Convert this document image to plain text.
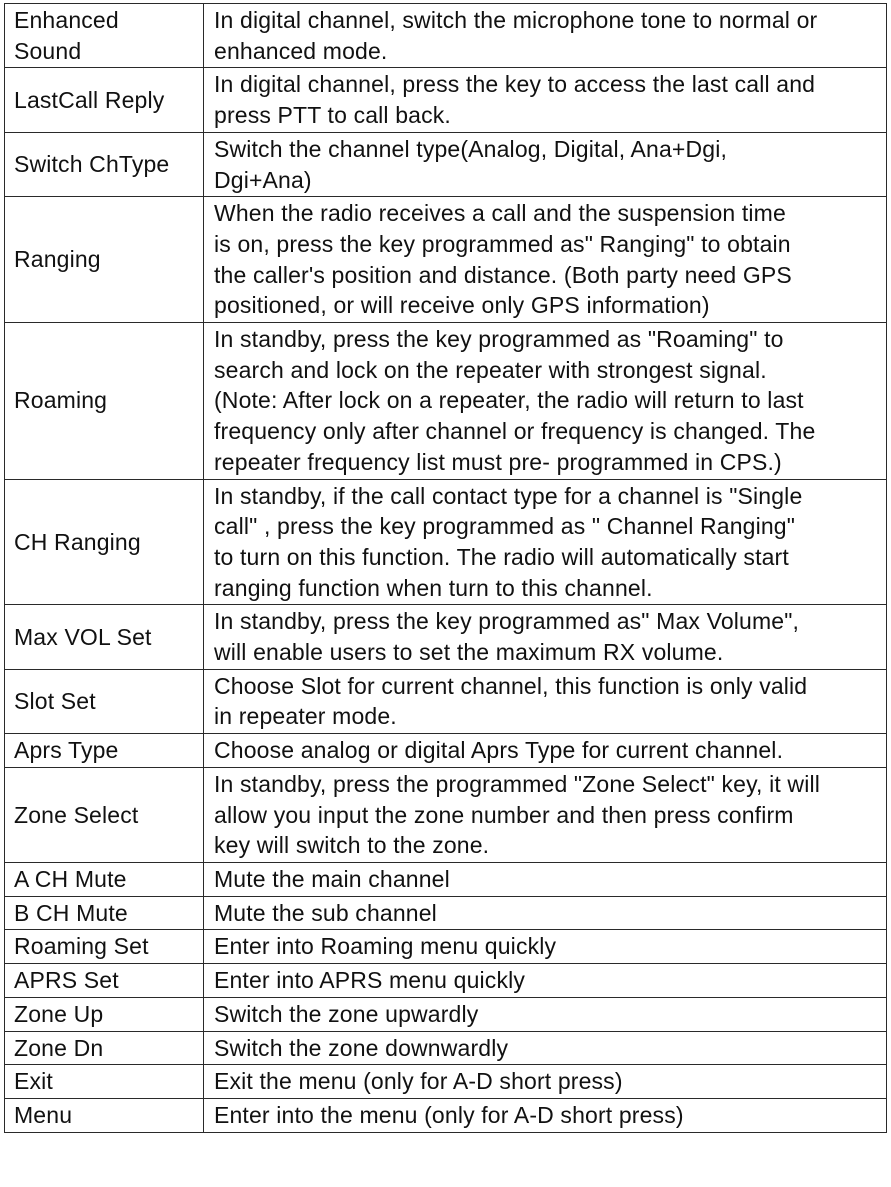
Enhanced
Sound	In digital channel, switch the microphone tone to normal or
enhanced mode.
LastCall Reply	In digital channel, press the key to access the last call and
press PTT to call back.
Switch ChType	Switch the channel type(Analog, Digital, Ana+Dgi,
Dgi+Ana)
Ranging	When the radio receives a call and the suspension time
is on, press the key programmed as" Ranging" to obtain
the caller's position and distance. (Both party need GPS
positioned, or will receive only GPS information)
Roaming	In standby, press the key programmed as "Roaming" to
search and lock on the repeater with strongest signal.
(Note: After lock on a repeater, the radio will return to last
frequency only after channel or frequency is changed. The
repeater frequency list must pre- programmed in CPS.)
CH Ranging	In standby, if the call contact type for a channel is "Single
call" , press the key programmed as " Channel Ranging"
to turn on this function. The radio will automatically start
ranging function when turn to this channel.
Max VOL Set	In standby, press the key programmed as" Max Volume",
will enable users to set the maximum RX volume.
Slot Set	Choose Slot for current channel, this function is only valid
in repeater mode.
Aprs Type	Choose analog or digital Aprs Type for current channel.
Zone Select	In standby, press the programmed "Zone Select" key, it will
allow you input the zone number and then press confirm
key will switch to the zone.
A CH Mute	Mute the main channel
B CH Mute	Mute the sub channel
Roaming Set	Enter into Roaming menu quickly
APRS Set	Enter into APRS menu quickly
Zone Up	Switch the zone upwardly
Zone Dn	Switch the zone downwardly
Exit	Exit the menu (only for A-D short press)
Menu	Enter into the menu (only for A-D short press)
